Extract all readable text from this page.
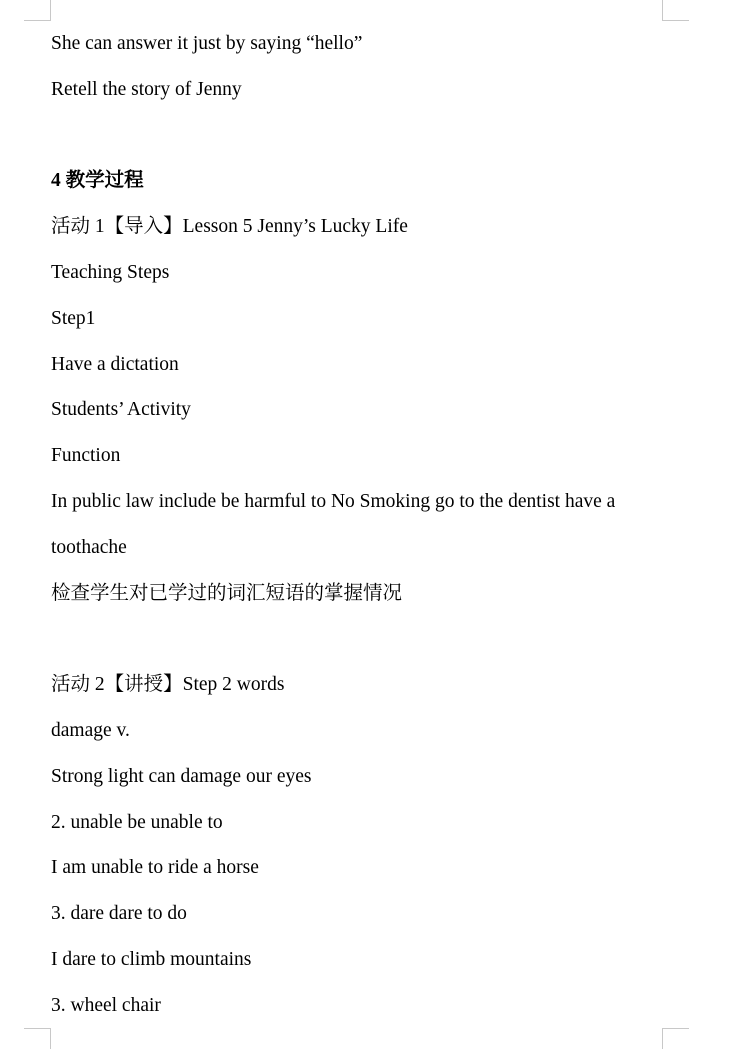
She can answer it just by saying “hello”
Retell the story of Jenny
4 教学过程
活动 1【导入】Lesson 5 Jenny’s Lucky Life
Teaching Steps
Step1
Have a dictation
Students’ Activity
Function
In public law include be harmful to No Smoking go to the dentist have a toothache
检查学生对已学过的词汇短语的掌握情况
活动 2【讲授】Step 2 words
damage v.
Strong light can damage our eyes
2. unable be unable to
I am unable to ride a horse
3. dare dare to do
I dare to climb mountains
3. wheel chair
